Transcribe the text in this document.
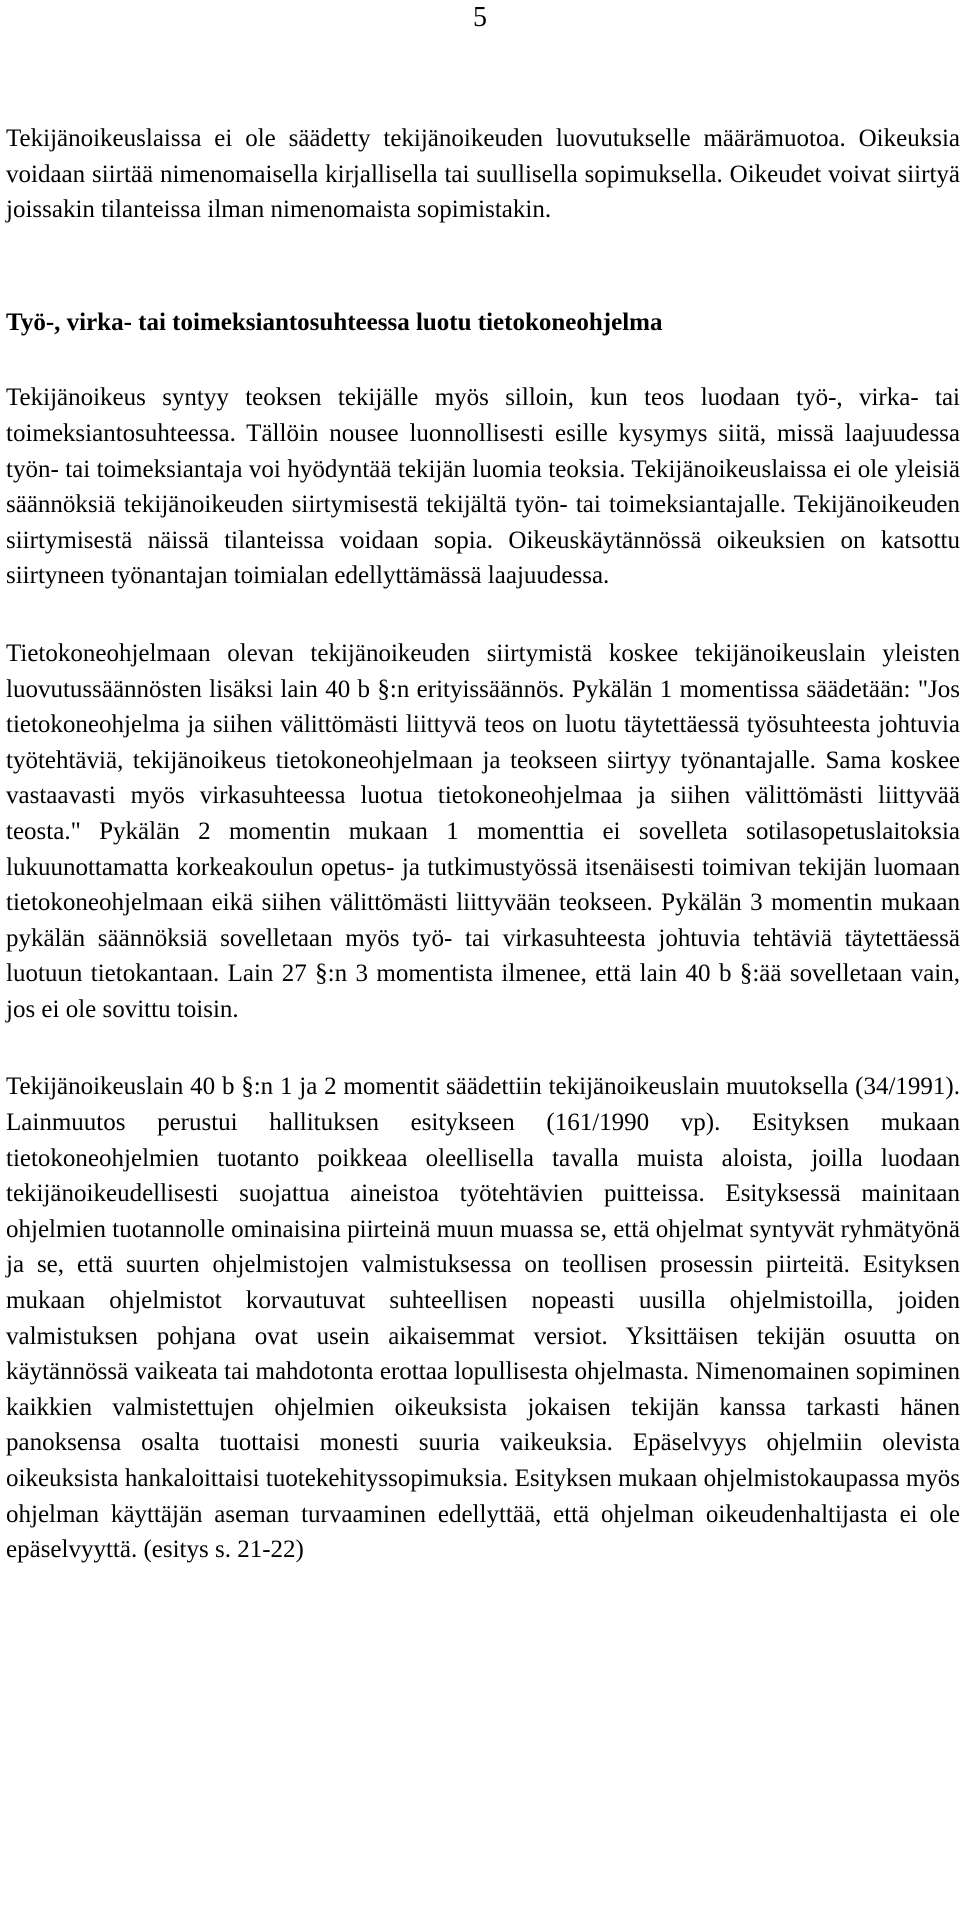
5

Tekijänoikeuslaissa ei ole säädetty tekijänoikeuden luovutukselle määrämuotoa. Oikeuksia voidaan siirtää nimenomaisella kirjallisella tai suullisella sopimuksella. Oikeudet voivat siirtyä joissakin tilanteissa ilman nimenomaista sopimistakin.

Työ-, virka- tai toimeksiantosuhteessa luotu tietokoneohjelma

Tekijänoikeus syntyy teoksen tekijälle myös silloin, kun teos luodaan työ-, virka- tai toimeksiantosuhteessa. Tällöin nousee luonnollisesti esille kysymys siitä, missä laajuudessa työn- tai toimeksiantaja voi hyödyntää tekijän luomia teoksia. Tekijänoikeuslaissa ei ole yleisiä säännöksiä tekijänoikeuden siirtymisestä tekijältä työn- tai toimeksiantajalle. Tekijänoikeuden siirtymisestä näissä tilanteissa voidaan sopia. Oikeuskäytännössä oikeuksien on katsottu siirtyneen työnantajan toimialan edellyttämässä laajuudessa.

Tietokoneohjelmaan olevan tekijänoikeuden siirtymistä koskee tekijänoikeuslain yleisten luovutussäännösten lisäksi lain 40 b §:n erityissäännös. Pykälän 1 momentissa säädetään: "Jos tietokoneohjelma ja siihen välittömästi liittyvä teos on luotu täytettäessä työsuhteesta johtuvia työtehtäviä, tekijänoikeus tietokoneohjelmaan ja teokseen siirtyy työnantajalle. Sama koskee vastaavasti myös virkasuhteessa luotua tietokoneohjelmaa ja siihen välittömästi liittyvää teosta." Pykälän 2 momentin mukaan 1 momenttia ei sovelleta sotilasopetuslaitoksia lukuunottamatta korkeakoulun opetus- ja tutkimustyössä itsenäisesti toimivan tekijän luomaan tietokoneohjelmaan eikä siihen välittömästi liittyvään teokseen. Pykälän 3 momentin mukaan pykälän säännöksiä sovelletaan myös työ- tai virkasuhteesta johtuvia tehtäviä täytettäessä luotuun tietokantaan. Lain 27 §:n 3 momentista ilmenee, että lain 40 b §:ää sovelletaan vain, jos ei ole sovittu toisin.

Tekijänoikeuslain 40 b §:n 1 ja 2 momentit säädettiin tekijänoikeuslain muutoksella (34/1991). Lainmuutos perustui hallituksen esitykseen (161/1990 vp). Esityksen mukaan tietokoneohjelmien tuotanto poikkeaa oleellisella tavalla muista aloista, joilla luodaan tekijänoikeudellisesti suojattua aineistoa työtehtävien puitteissa. Esityksessä mainitaan ohjelmien tuotannolle ominaisina piirteinä muun muassa se, että ohjelmat syntyvät ryhmätyönä ja se, että suurten ohjelmistojen valmistuksessa on teollisen prosessin piirteitä. Esityksen mukaan ohjelmistot korvautuvat suhteellisen nopeasti uusilla ohjelmistoilla, joiden valmistuksen pohjana ovat usein aikaisemmat versiot. Yksittäisen tekijän osuutta on käytännössä vaikeata tai mahdotonta erottaa lopullisesta ohjelmasta. Nimenomainen sopiminen kaikkien valmistettujen ohjelmien oikeuksista jokaisen tekijän kanssa tarkasti hänen panoksensa osalta tuottaisi monesti suuria vaikeuksia. Epäselvyys ohjelmiin olevista oikeuksista hankaloittaisi tuotekehityssopimuksia. Esityksen mukaan ohjelmistokaupassa myös ohjelman käyttäjän aseman turvaaminen edellyttää, että ohjelman oikeudenhaltijasta ei ole epäselvyyttä. (esitys s. 21-22)
